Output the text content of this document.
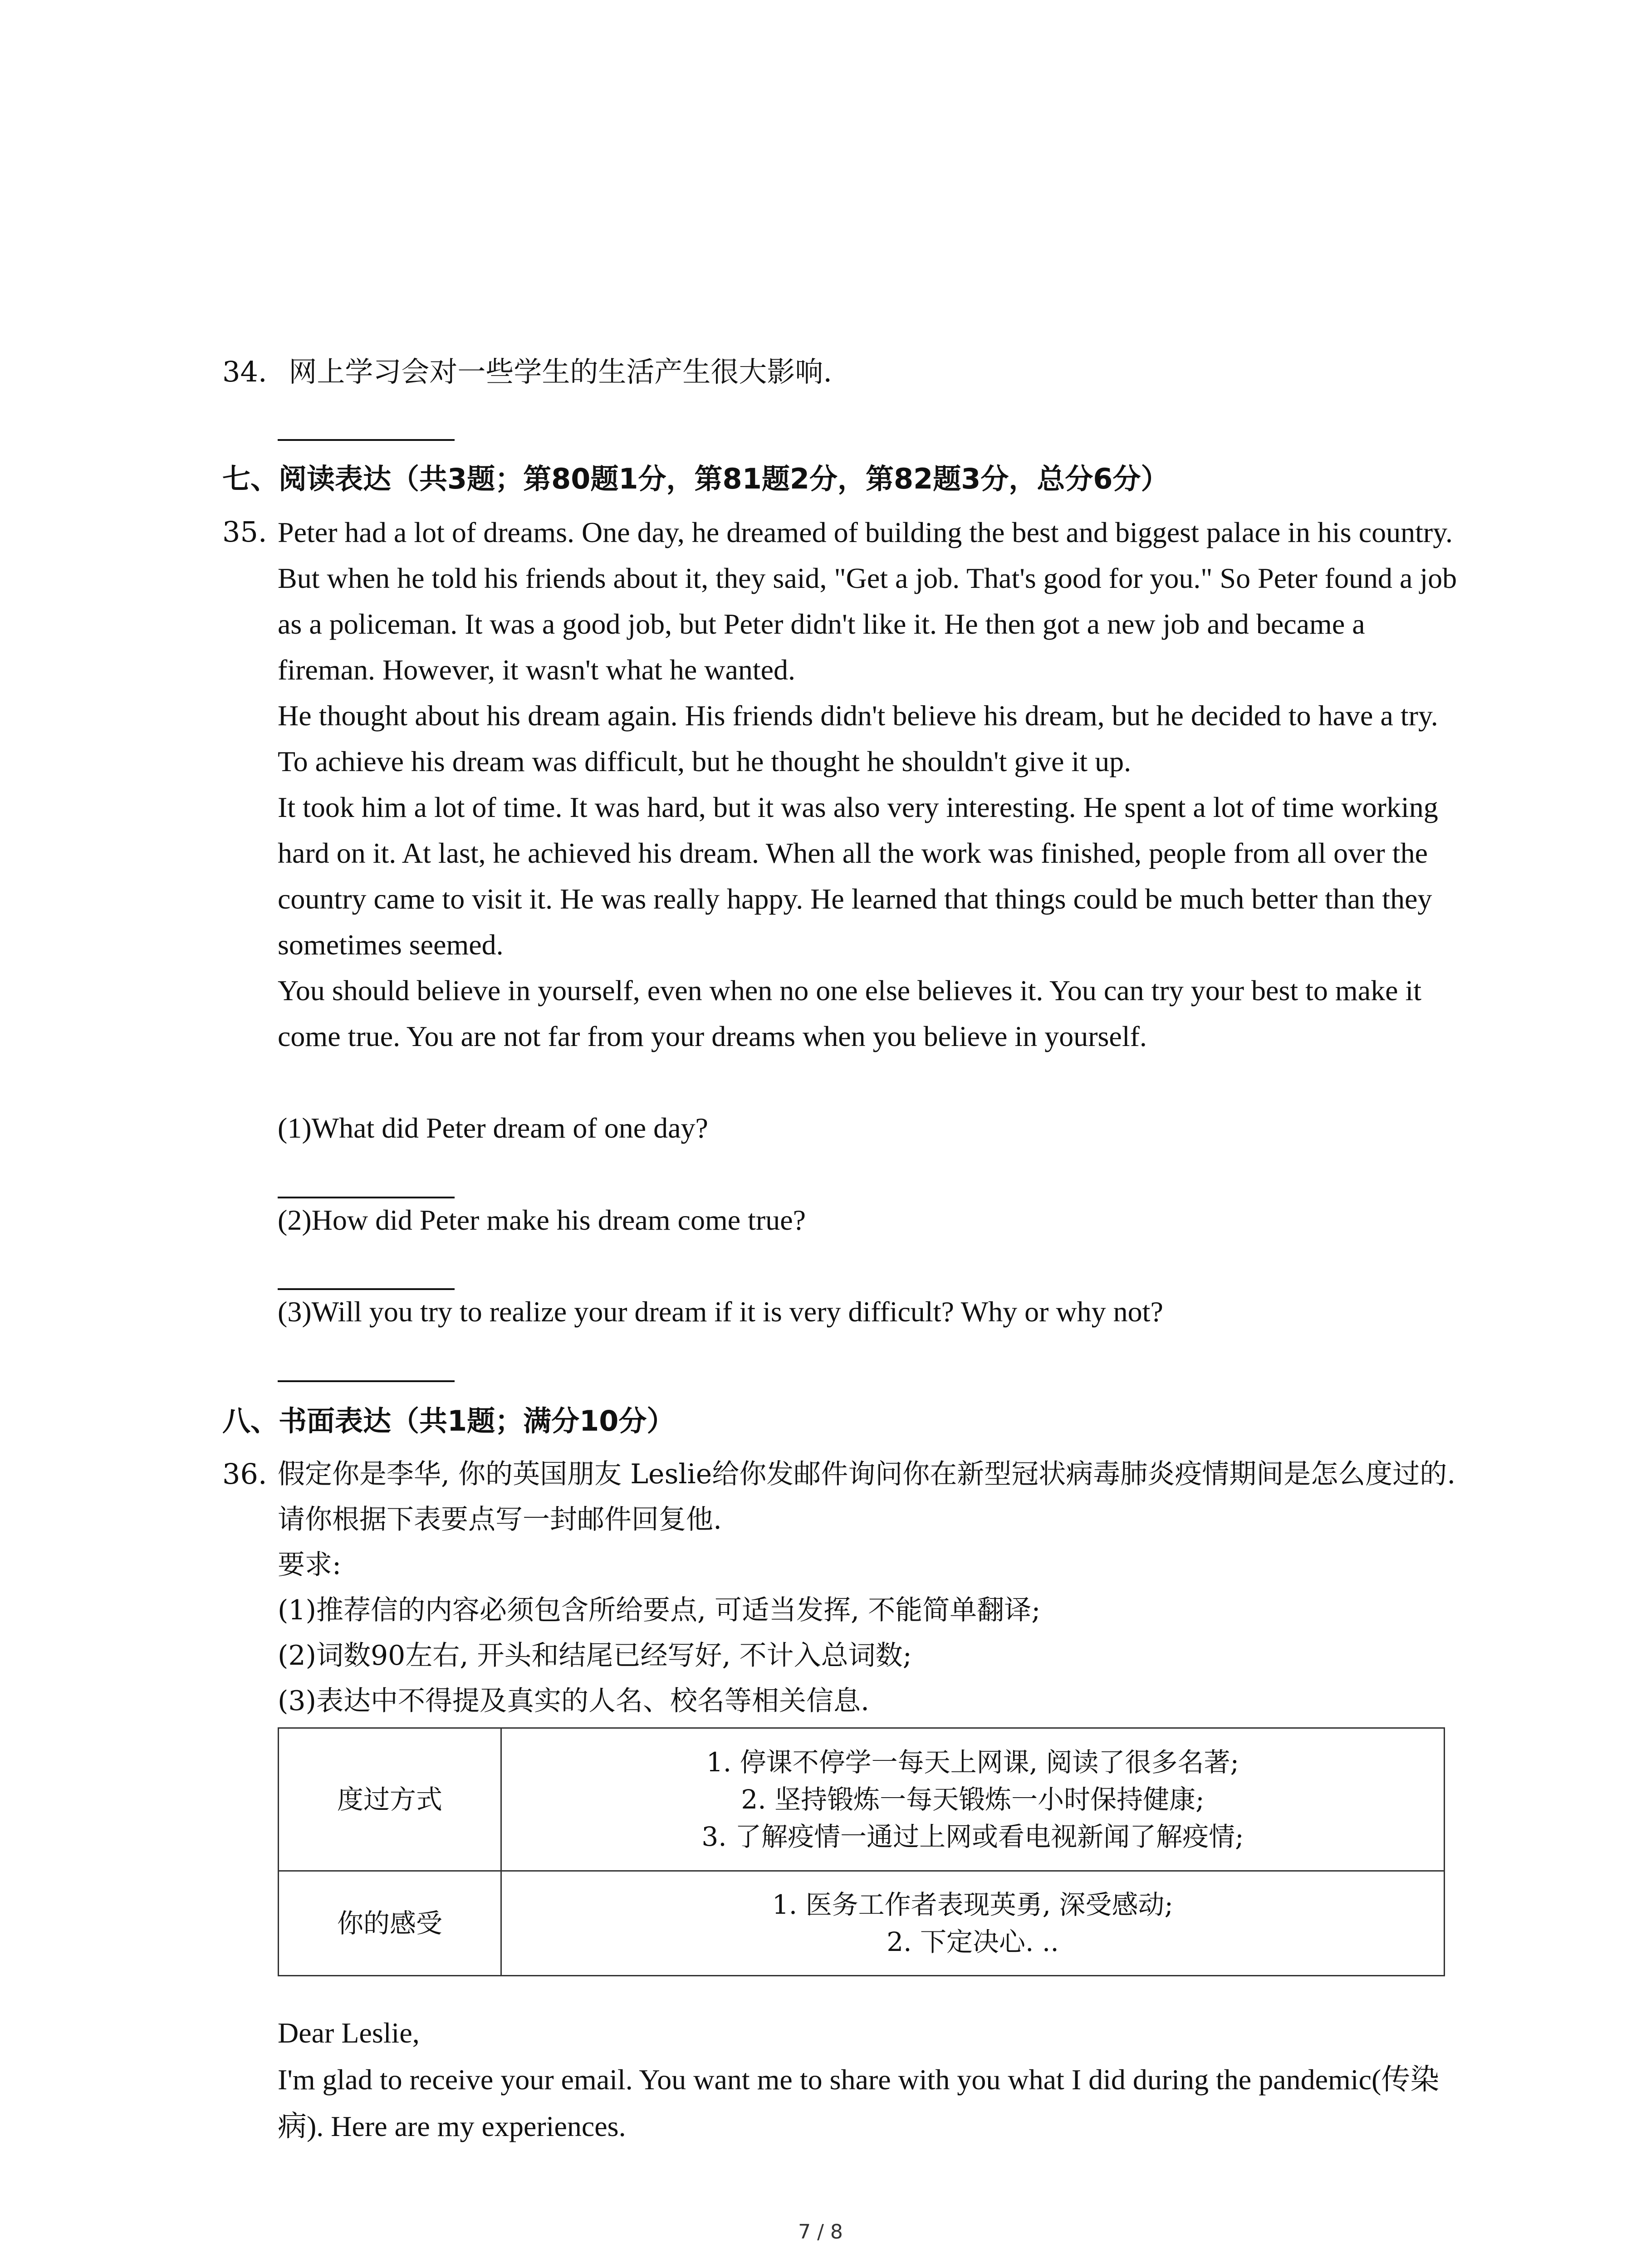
34. 网上学习会对一些学生的生活产生很大影响.
七、阅读表达（共3题；第80题1分，第81题2分，第82题3分，总分6分）
35. Peter had a lot of dreams. One day, he dreamed of building the best and biggest palace in his country. But when he told his friends about it, they said, "Get a job. That's good for you." So Peter found a job as a policeman. It was a good job, but Peter didn't like it. He then got a new job and became a fireman. However, it wasn't what he wanted.

He thought about his dream again. His friends didn't believe his dream, but he decided to have a try. To achieve his dream was difficult, but he thought he shouldn't give it up.

It took him a lot of time. It was hard, but it was also very interesting. He spent a lot of time working hard on it. At last, he achieved his dream. When all the work was finished, people from all over the country came to visit it. He was really happy. He learned that things could be much better than they sometimes seemed.

You should believe in yourself, even when no one else believes it. You can try your best to make it come true. You are not far from your dreams when you believe in yourself.

(1)What did Peter dream of one day?
(2)How did Peter make his dream come true?
(3)Will you try to realize your dream if it is very difficult? Why or why not?
八、书面表达（共1题；满分10分）
36. 假定你是李华, 你的英国朋友 Leslie给你发邮件询问你在新型冠状病毒肺炎疫情期间是怎么度过的. 请你根据下表要点写一封邮件回复他.

要求:

(1)推荐信的内容必须包含所给要点, 可适当发挥, 不能简单翻译;

(2)词数90左右, 开头和结尾已经写好, 不计入总词数;

(3)表达中不得提及真实的人名、校名等相关信息.

度过方式	1. 停课不停学一每天上网课, 阅读了很多名著;
2. 坚持锻炼一每天锻炼一小时保持健康;
3. 了解疫情一通过上网或看电视新闻了解疫情;

你的感受	1. 医务工作者表现英勇, 深受感动;
2. 下定决心. ..

Dear Leslie,

I'm glad to receive your email. You want me to share with you what I did during the pandemic(传染病). Here are my experiences.

7 / 8
